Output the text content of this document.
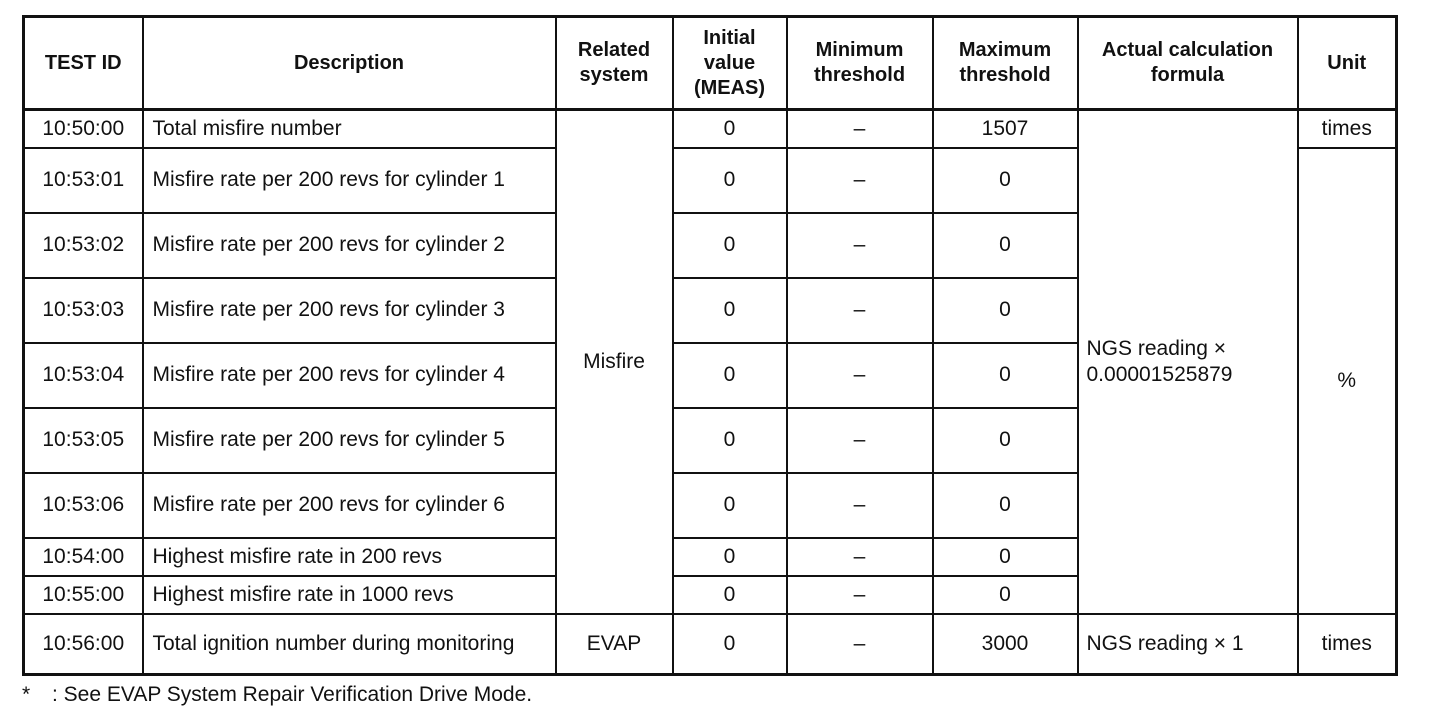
TEST ID	Description	Related system	Initial value (MEAS)	Minimum threshold	Maximum threshold	Actual calculation formula	Unit
10:50:00	Total misfire number	Misfire	0	–	1507	NGS reading × 0.00001525879	times
10:53:01	Misfire rate per 200 revs for cylinder 1		0	–	0		%
10:53:02	Misfire rate per 200 revs for cylinder 2		0	–	0		
10:53:03	Misfire rate per 200 revs for cylinder 3		0	–	0		
10:53:04	Misfire rate per 200 revs for cylinder 4		0	–	0		
10:53:05	Misfire rate per 200 revs for cylinder 5		0	–	0		
10:53:06	Misfire rate per 200 revs for cylinder 6		0	–	0		
10:54:00	Highest misfire rate in 200 revs		0	–	0		
10:55:00	Highest misfire rate in 1000 revs		0	–	0		
10:56:00	Total ignition number during monitoring	EVAP	0	–	3000	NGS reading × 1	times
* : See EVAP System Repair Verification Drive Mode.
